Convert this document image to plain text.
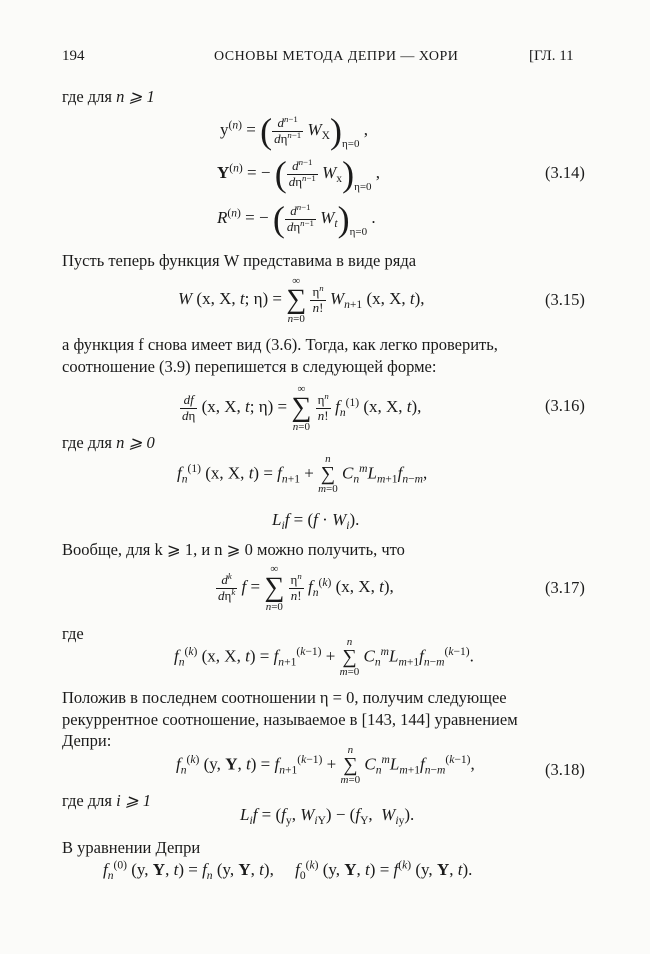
194	ОСНОВЫ МЕТОДА ДЕПРИ — ХОРИ	[ГЛ. 11
где для n ⩾ 1
$y^{(n)}$ = ( $\frac{d^{n-1}}{d\eta^{n-1}} W_X)_{\eta=0}$ ,
$Y^{(n)}$ = − ( $\frac{d^{n-1}}{d\eta^{n-1}} W_x)_{\eta=0}$ ,
$R^{(n)}$ = − ( $\frac{d^{n-1}}{d\eta^{n-1}} W_t)_{\eta=0}$ .
(3.14)
Пусть теперь функция W представима в виде ряда
W (x, X, t; η) =
∞
∑
n=0

$\frac{\eta^n}{n!} W_{n+1}$ (x, X, t),	(3.15)
а функция f снова имеет вид (3.6). Тогда, как легко проверить,
соотношение (3.9) перепишется в следующей форме:
$\frac{df}{d\eta} (x$, X, t; η) =
∞
∑
n=0

$\frac{\eta^n}{n!} f_n^{(1)}$ (x, X, t),	(3.16)
где для n ⩾ 0
$f_n^{(1)}$ (x, X, $t) = f_{n+1}$ +
n
∑
m=0
$C_n^mL_{m+1}f_{n-m}$,
$L_if = (f \cdot W_i)$.
Вообще, для k ⩾ 1, и n ⩾ 0 можно получить, что
$\frac{d^k}{d\eta^k}$ f =
∞
∑
n=0

$\frac{\eta^n}{n!} f_n^{(k)}$ (x, X, t),	(3.17)
где
$f_n^{(k)}$ (x, X, $t) = f_{n+1}^{(k-1)}$ +
n
∑
m=0
$C_n^mL_{m+1}f_{n-m}^{(k-1)}$.
Положив в последнем соотношении η = 0, получим следующее
рекуррентное соотношение, называемое в [143, 144] уравнением
Депри:
$f_n^{(k)}$ (y, Y, $t) = f_{n+1}^{(k-1)}$ +
n
∑
m=0
$C_n^mL_{m+1}f_{n-m}^{(k-1)}$,	(3.18)
где для i ⩾ 1
$L_if = (f_y$, $W_{iY}) - (f_Y$,  $W_{iy}$).
В уравнении Депри
$f_n^{(0)}$ (y, Y, $t) = f_n$ (y, Y, t),     $f_0^{(k)}$ (y, Y, $t) = f^{(k)}$ (y, Y, t).
